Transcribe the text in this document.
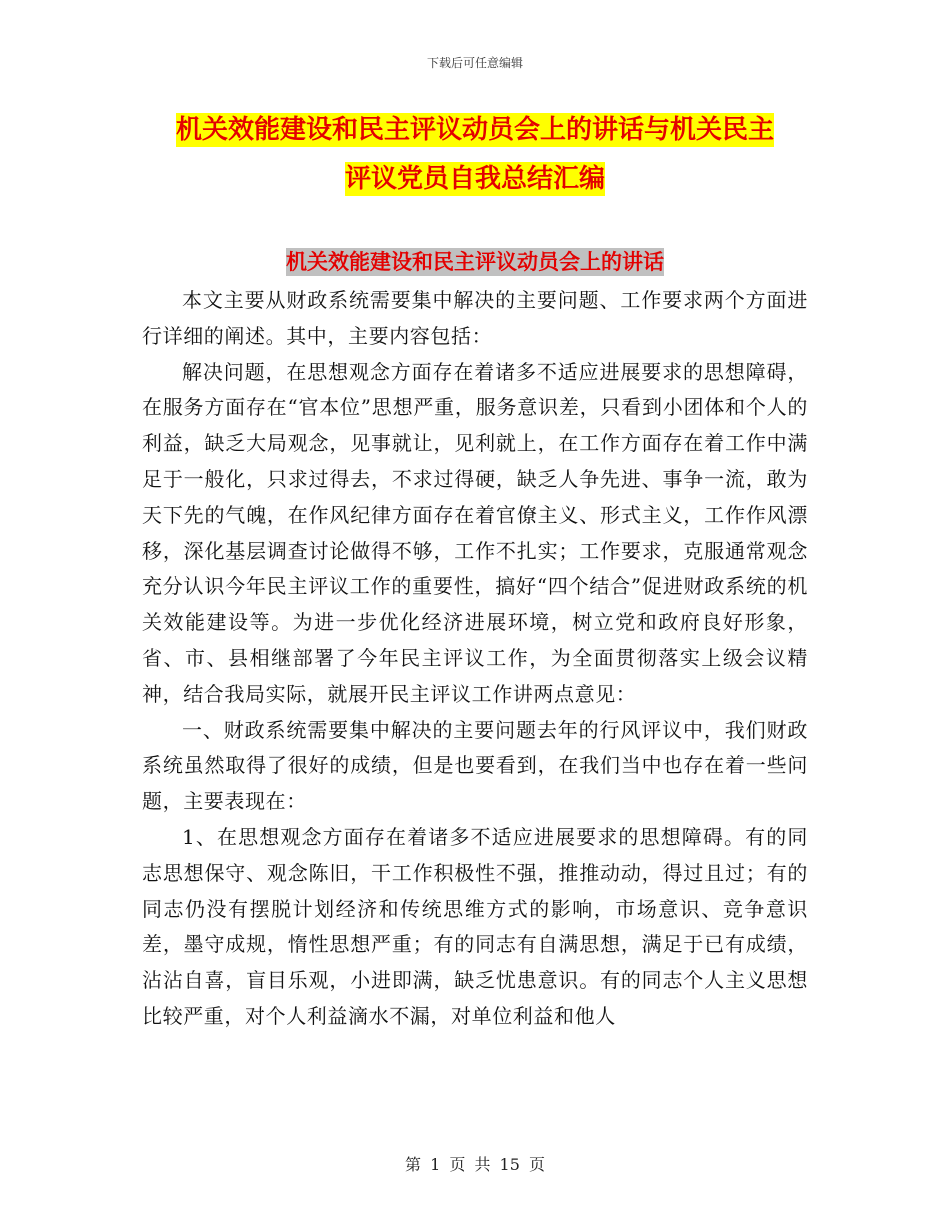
下载后可任意编辑
机关效能建设和民主评议动员会上的讲话与机关民主
评议党员自我总结汇编
机关效能建设和民主评议动员会上的讲话

本文主要从财政系统需要集中解决的主要问题、工作要求两个方面进行详细的阐述。其中，主要内容包括：

解决问题，在思想观念方面存在着诸多不适应进展要求的思想障碍，在服务方面存在“官本位”思想严重，服务意识差，只看到小团体和个人的利益，缺乏大局观念，见事就让，见利就上，在工作方面存在着工作中满足于一般化，只求过得去，不求过得硬，缺乏人争先进、事争一流，敢为天下先的气魄，在作风纪律方面存在着官僚主义、形式主义，工作作风漂移，深化基层调查讨论做得不够，工作不扎实；工作要求，克服通常观念充分认识今年民主评议工作的重要性，搞好“四个结合”促进财政系统的机关效能建设等。为进一步优化经济进展环境，树立党和政府良好形象，省、市、县相继部署了今年民主评议工作，为全面贯彻落实上级会议精神，结合我局实际，就展开民主评议工作讲两点意见：

一、财政系统需要集中解决的主要问题去年的行风评议中，我们财政系统虽然取得了很好的成绩，但是也要看到，在我们当中也存在着一些问题，主要表现在：

1、在思想观念方面存在着诸多不适应进展要求的思想障碍。有的同志思想保守、观念陈旧，干工作积极性不强，推推动动，得过且过；有的同志仍没有摆脱计划经济和传统思维方式的影响，市场意识、竞争意识差，墨守成规，惰性思想严重；有的同志有自满思想，满足于已有成绩，沾沾自喜，盲目乐观，小进即满，缺乏忧患意识。有的同志个人主义思想比较严重，对个人利益滴水不漏，对单位利益和他人

第 1 页 共 15 页
